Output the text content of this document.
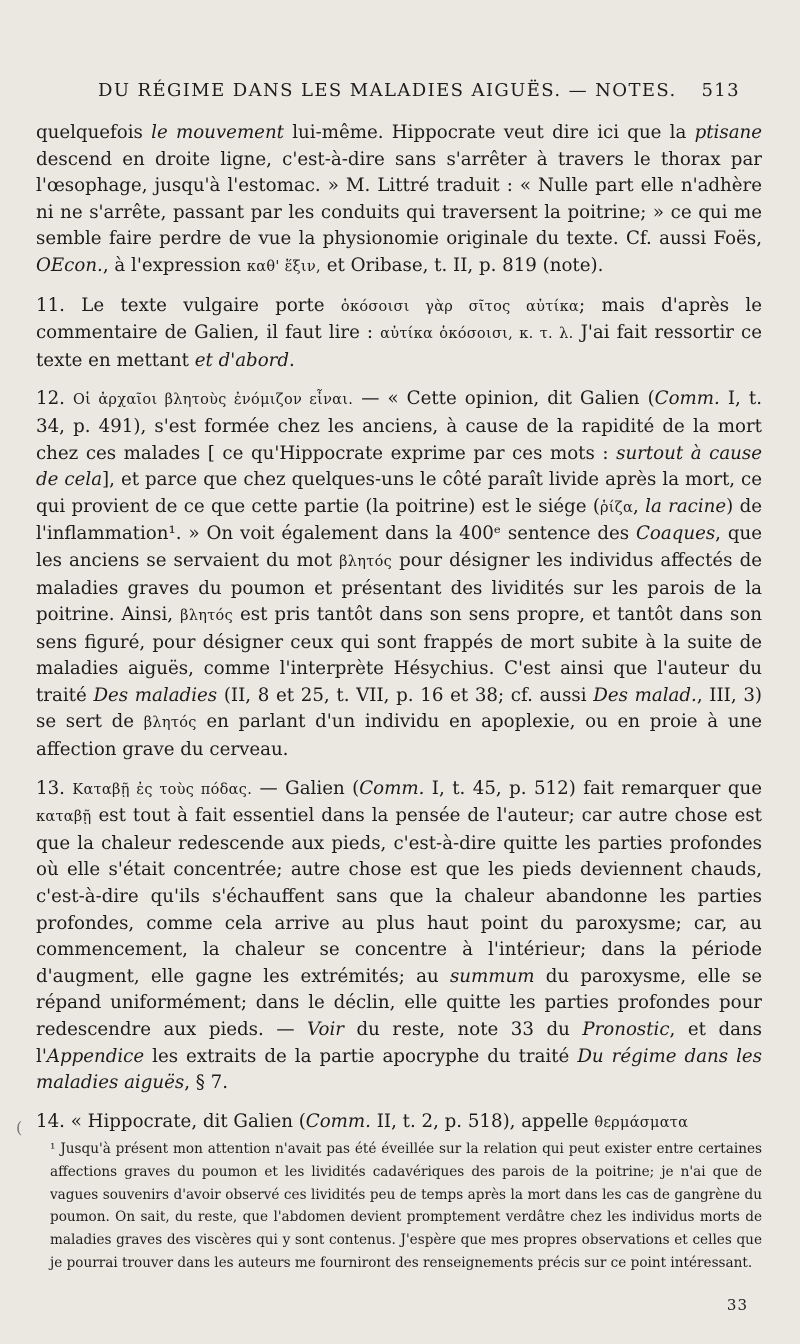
DU RÉGIME DANS LES MALADIES AIGUËS. — NOTES. 513

quelquefois le mouvement lui-même. Hippocrate veut dire ici que la ptisane descend en droite ligne, c'est-à-dire sans s'arrêter à travers le thorax par l'œsophage, jusqu'à l'estomac. » M. Littré traduit : « Nulle part elle n'adhère ni ne s'arrête, passant par les conduits qui traversent la poitrine; » ce qui me semble faire perdre de vue la physionomie originale du texte. Cf. aussi Foës, OEcon., à l'expression καθ' ἕξιν, et Oribase, t. II, p. 819 (note).

11. Le texte vulgaire porte ὁκόσοισι γὰρ σῖτος αὐτίκα; mais d'après le commentaire de Galien, il faut lire : αὐτίκα ὁκόσοισι, κ. τ. λ. J'ai fait ressortir ce texte en mettant et d'abord.

12. Οἱ ἀρχαῖοι βλητοὺς ἐνόμιζον εἶναι. — « Cette opinion, dit Galien (Comm. I, t. 34, p. 491), s'est formée chez les anciens, à cause de la rapidité de la mort chez ces malades [ ce qu'Hippocrate exprime par ces mots : surtout à cause de cela], et parce que chez quelques-uns le côté paraît livide après la mort, ce qui provient de ce que cette partie (la poitrine) est le siége (ῥίζα, la racine) de l'inflammation¹. » On voit également dans la 400ᵉ sentence des Coaques, que les anciens se servaient du mot βλητός pour désigner les individus affectés de maladies graves du poumon et présentant des lividités sur les parois de la poitrine. Ainsi, βλητός est pris tantôt dans son sens propre, et tantôt dans son sens figuré, pour désigner ceux qui sont frappés de mort subite à la suite de maladies aiguës, comme l'interprète Hésychius. C'est ainsi que l'auteur du traité Des maladies (II, 8 et 25, t. VII, p. 16 et 38; cf. aussi Des malad., III, 3) se sert de βλητός en parlant d'un individu en apoplexie, ou en proie à une affection grave du cerveau.

13. Καταβῇ ἐς τοὺς πόδας. — Galien (Comm. I, t. 45, p. 512) fait remarquer que καταβῇ est tout à fait essentiel dans la pensée de l'auteur; car autre chose est que la chaleur redescende aux pieds, c'est-à-dire quitte les parties profondes où elle s'était concentrée; autre chose est que les pieds deviennent chauds, c'est-à-dire qu'ils s'échauffent sans que la chaleur abandonne les parties profondes, comme cela arrive au plus haut point du paroxysme; car, au commencement, la chaleur se concentre à l'intérieur; dans la période d'augment, elle gagne les extrémités; au summum du paroxysme, elle se répand uniformément; dans le déclin, elle quitte les parties profondes pour redescendre aux pieds. — Voir du reste, note 33 du Pronostic, et dans l'Appendice les extraits de la partie apocryphe du traité Du régime dans les maladies aiguës, § 7.

14. « Hippocrate, dit Galien (Comm. II, t. 2, p. 518), appelle θερμάσματα

(
¹ Jusqu'à présent mon attention n'avait pas été éveillée sur la relation qui peut exister entre certaines affections graves du poumon et les lividités cadavériques des parois de la poitrine; je n'ai que de vagues souvenirs d'avoir observé ces lividités peu de temps après la mort dans les cas de gangrène du poumon. On sait, du reste, que l'abdomen devient promptement verdâtre chez les individus morts de maladies graves des viscères qui y sont contenus. J'espère que mes propres observations et celles que je pourrai trouver dans les auteurs me fourniront des renseignements précis sur ce point intéressant.
33
